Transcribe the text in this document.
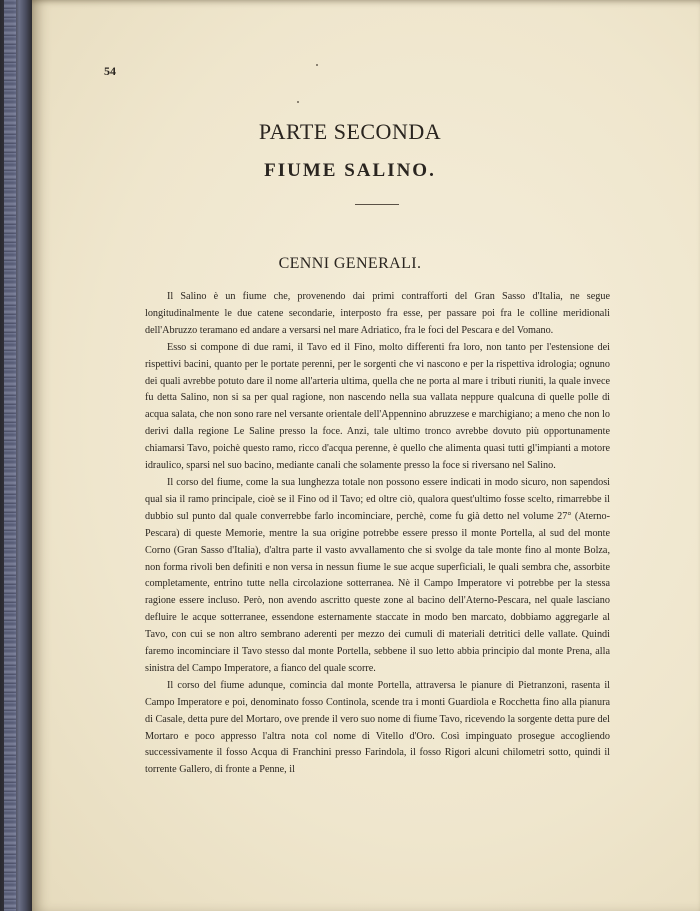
54
PARTE SECONDA
FIUME SALINO.
CENNI GENERALI.

Il Salino è un fiume che, provenendo dai primi contrafforti del Gran Sasso d'Italia, ne segue longitudinalmente le due catene secondarie, interposto fra esse, per passare poi fra le colline meridionali dell'Abruzzo teramano ed andare a versarsi nel mare Adriatico, fra le foci del Pescara e del Vomano.

Esso si compone di due rami, il Tavo ed il Fino, molto differenti fra loro, non tanto per l'estensione dei rispettivi bacini, quanto per le portate perenni, per le sorgenti che vi nascono e per la rispettiva idrologia; ognuno dei quali avrebbe potuto dare il nome all'arteria ultima, quella che ne porta al mare i tributi riuniti, la quale invece fu detta Salino, non si sa per qual ragione, non nascendo nella sua vallata neppure qualcuna di quelle polle di acqua salata, che non sono rare nel versante orientale dell'Appennino abruzzese e marchigiano; a meno che non lo derivi dalla regione Le Saline presso la foce. Anzi, tale ultimo tronco avrebbe dovuto più opportunamente chiamarsi Tavo, poichè questo ramo, ricco d'acqua perenne, è quello che alimenta quasi tutti gl'impianti a motore idraulico, sparsi nel suo bacino, mediante canali che solamente presso la foce si riversano nel Salino.

Il corso del fiume, come la sua lunghezza totale non possono essere indicati in modo sicuro, non sapendosi qual sia il ramo principale, cioè se il Fino od il Tavo; ed oltre ciò, qualora quest'ultimo fosse scelto, rimarrebbe il dubbio sul punto dal quale converrebbe farlo incominciare, perchè, come fu già detto nel volume 27° (Aterno-Pescara) di queste Memorie, mentre la sua origine potrebbe essere presso il monte Portella, al sud del monte Corno (Gran Sasso d'Italia), d'altra parte il vasto avvallamento che si svolge da tale monte fino al monte Bolza, non forma rivoli ben definiti e non versa in nessun fiume le sue acque superficiali, le quali sembra che, assorbite completamente, entrino tutte nella circolazione sotterranea. Nè il Campo Imperatore vi potrebbe per la stessa ragione essere incluso. Però, non avendo ascritto queste zone al bacino dell'Aterno-Pescara, nel quale lasciano defluire le acque sotterranee, essendone esternamente staccate in modo ben marcato, dobbiamo aggregarle al Tavo, con cui se non altro sembrano aderenti per mezzo dei cumuli di materiali detritici delle vallate. Quindi faremo incominciare il Tavo stesso dal monte Portella, sebbene il suo letto abbia principio dal monte Prena, alla sinistra del Campo Imperatore, a fianco del quale scorre.

Il corso del fiume adunque, comincia dal monte Portella, attraversa le pianure di Pietranzoni, rasenta il Campo Imperatore e poi, denominato fosso Continola, scende tra i monti Guardiola e Rocchetta fino alla pianura di Casale, detta pure del Mortaro, ove prende il vero suo nome di fiume Tavo, ricevendo la sorgente detta pure del Mortaro e poco appresso l'altra nota col nome di Vitello d'Oro. Così impinguato prosegue accogliendo successivamente il fosso Acqua di Franchini presso Farindola, il fosso Rigori alcuni chilometri sotto, quindi il torrente Gallero, di fronte a Penne, il
